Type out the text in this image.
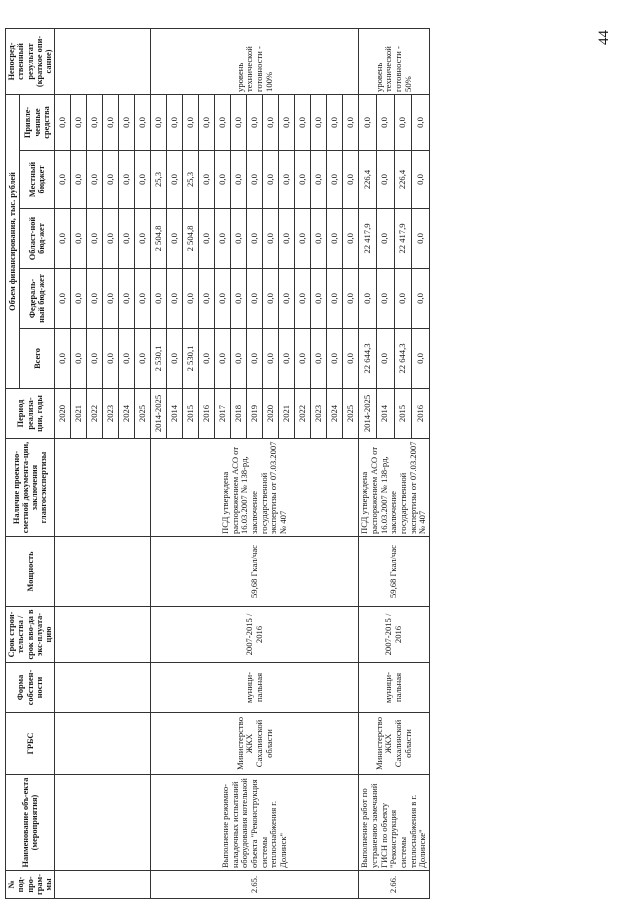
44
№ под-про-грам-мы	Наименование объ-екта (мероприятия)	ГРБС	Форма собствен-ности	Срок строи-тельства / срок вво-да в экс-плуата-цию	Мощность	Наличие проектно-сметной документа-ции, заключения главгосэкспертизы	Период реализа-ции, годы	Объем финансирования, тыс. рублей					Непосред-ственный результат (краткое опи-сание)
								Всего	Федераль-ный бюд-жет	Област-ной бюд-жет	Местный бюджет	Привле-ченные средства	
							2020	0,0	0,0	0,0	0,0	0,0	
							2021	0,0	0,0	0,0	0,0	0,0	
							2022	0,0	0,0	0,0	0,0	0,0	
							2023	0,0	0,0	0,0	0,0	0,0	
							2024	0,0	0,0	0,0	0,0	0,0	
							2025	0,0	0,0	0,0	0,0	0,0	
2.65.	Выполнение режимно-наладочных испытаний оборудования котельной объекта "Реконструкция системы теплоснабжения г. Долинск"	Министерство ЖКХ Сахалинской области	муници-пальная	2007-2015 / 2016	59,68 Гкал/час	ПСД утверждена распоряжением АСО от 16.03.2007 № 138-рд, заключение государственной экспертизы от 07.03.2007 № 407	2014-2025	2 530,1	0,0	2 504,8	25,3	0,0	уровень технической готовности - 100%
							2014	0,0	0,0	0,0	0,0	0,0	
							2015	2 530,1	0,0	2 504,8	25,3	0,0	
							2016	0,0	0,0	0,0	0,0	0,0	
							2017	0,0	0,0	0,0	0,0	0,0	
							2018	0,0	0,0	0,0	0,0	0,0	
							2019	0,0	0,0	0,0	0,0	0,0	
							2020	0,0	0,0	0,0	0,0	0,0	
							2021	0,0	0,0	0,0	0,0	0,0	
							2022	0,0	0,0	0,0	0,0	0,0	
							2023	0,0	0,0	0,0	0,0	0,0	
							2024	0,0	0,0	0,0	0,0	0,0	
							2025	0,0	0,0	0,0	0,0	0,0	
2.66.	Выполнение работ по устранению замечаний ГИСН по объекту "Реконструкция системы теплоснабжения в г. Долинске"	Министерство ЖКХ Сахалинской области	муници-пальная	2007-2015 / 2016	59,68 Гкал/час	ПСД утверждена распоряжением АСО от 16.03.2007 № 138-рд, заключение государственной экспертизы от 07.03.2007 № 407	2014-2025	22 644,3	0,0	22 417,9	226,4	0,0	уровень технической готовности - 50%
							2014	0,0	0,0	0,0	0,0	0,0	
							2015	22 644,3	0,0	22 417,9	226,4	0,0	
							2016	0,0	0,0	0,0	0,0	0,0	
